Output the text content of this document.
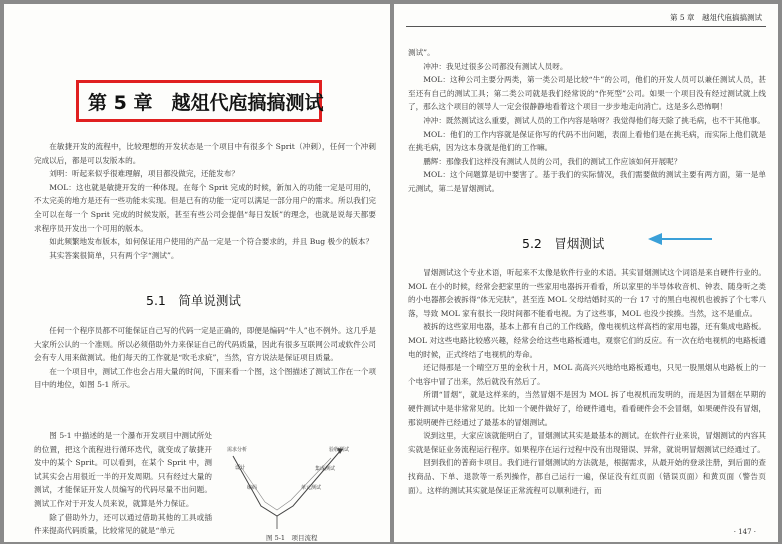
第 5 章　越俎代庖搞搞测试

在敏捷开发的流程中，比较理想的开发状态是一个项目中有很多个 Sprit（冲刺），任何一个冲刺完成以后，都是可以发版本的。

刘明：听起来似乎很难理解，项目都没做完，还能发布？

MOL：这也就是敏捷开发的一种体现。在每个 Sprit 完成的时候，新加入的功能一定是可用的，不太完美的地方是还有一些功能未实现。但是已有的功能一定可以满足一部分用户的需求。所以我们完全可以在每一个 Sprit 完成的时候发版，甚至有些公司会提倡“每日发版”的理念，也就是说每天都要求程序员开发出一个可用的版本。

如此频繁地发布版本，如何保证用户使用的产品一定是一个符合要求的，并且 Bug 极少的版本？

其实答案很简单，只有两个字“测试”。

5.1　简单说测试

任何一个程序员都不可能保证自己写的代码一定是正确的，即便是编码“牛人”也不例外。这几乎是大家所公认的一个准则。所以必须借助外力来保证自己的代码质量，因此有很多互联网公司或软件公司会有专人用来做测试。他们每天的工作就是“吹毛求疵”，当然，官方说法是保证项目质量。

在一个项目中，测试工作也会占用大量的时间，下面来看一个图，这个图描述了测试工作在一个项目中的地位，如图 5-1 所示。

图 5-1 中描述的是一个瀑布开发项目中测试所处的位置，把这个流程进行循环迭代，就变成了敏捷开发中的某个 Sprit。可以看到，在某个 Sprit 中，测试其实会占用很近一半的开发周期。只有经过大量的测试，才能保证开发人员编写的代码尽量不出问题。测试工作对于开发人员来说，就算是外力保证。

除了借助外力，还可以通过借助其他的工具或插件来提高代码质量，比较常见的就是“单元

需求分析
设计
编码
验收测试
集成测试
单元测试
图 5-1　项目流程
第 5 章　越俎代庖搞搞测试

测试”。

冲冲：我见过很多公司都没有测试人员呀。

MOL：这种公司主要分两类，第一类公司是比较“牛”的公司，他们的开发人员可以兼任测试人员，甚至还有自己的测试工具；第二类公司就是我们经常说的“作死型”公司。如果一个项目没有经过测试就上线了，那么这个项目的领导人一定会很静静地看着这个项目一步步地走向消亡。这是多么恐怖啊！

冲冲：既然测试这么重要，测试人员的工作内容是啥呀？我觉得他们每天除了挑毛病，也不干其他事。

MOL：他们的工作内容就是保证你写的代码不出问题，表面上看他们是在挑毛病，而实际上他们就是在挑毛病，因为这本身就是他们的工作嘛。

鹏辉：那像我们这样没有测试人员的公司，我们的测试工作应该如何开展呢？

MOL：这个问题算是切中要害了。基于我们的实际情况，我们需要做的测试主要有两方面，第一是单元测试，第二是冒烟测试。

5.2　冒烟测试

冒烟测试这个专业术语，听起来不太像是软件行业的术语。其实冒烟测试这个词语是来自硬件行业的。MOL 在小的时候，经常会把家里的一些家用电器拆开看看，所以家里的半导体收音机、钟表、随身听之类的小电器都会被拆得“体无完肤”，甚至连 MOL 父母结婚时买的一台 17 寸的黑白电视机也被拆了个七零八落，导致 MOL 家有很长一段时间都不能看电视。为了这些事，MOL 也没少挨揍。当然，这不是重点。

被拆的这些家用电器，基本上都有自己的工作线路，像电视机这样高档的家用电器，还有集成电路板。MOL 对这些电路比较感兴趣，经常会给这些电路板通电，观察它们的反应。有一次在给电视机的电路板通电的时候，正式终结了电视机的寿命。

还记得那是一个晴空万里的金秋十月，MOL 高高兴兴地给电路板通电，只见一股黑烟从电路板上的一个电容中冒了出来，然后就没有然后了。

所谓“冒烟”，就是这样来的，当然冒烟不是因为 MOL 拆了电视机而发明的，而是因为冒烟在早期的硬件测试中是非常常见的。比如一个硬件做好了，给硬件通电，看看硬件会不会冒烟，如果硬件没有冒烟，那说明硬件已经通过了最基本的冒烟测试。

说到这里，大家应该就能明白了，冒烟测试其实是最基本的测试。在软件行业来说，冒烟测试的内容其实就是保证业务流程运行程序。如果程序在运行过程中没有出现错误、异常，就说明冒烟测试已经通过了。

回到我们的普商卡项目。我们进行冒烟测试的方法就是，根据需求，从最开始的登录注册，到后面的查找商品、下单、退款等一系列操作，都自己运行一遍，保证没有红页面（错误页面）和黄页面（警告页面）。这样的测试其实就是保证正常流程可以顺利进行，而

· 147 ·
